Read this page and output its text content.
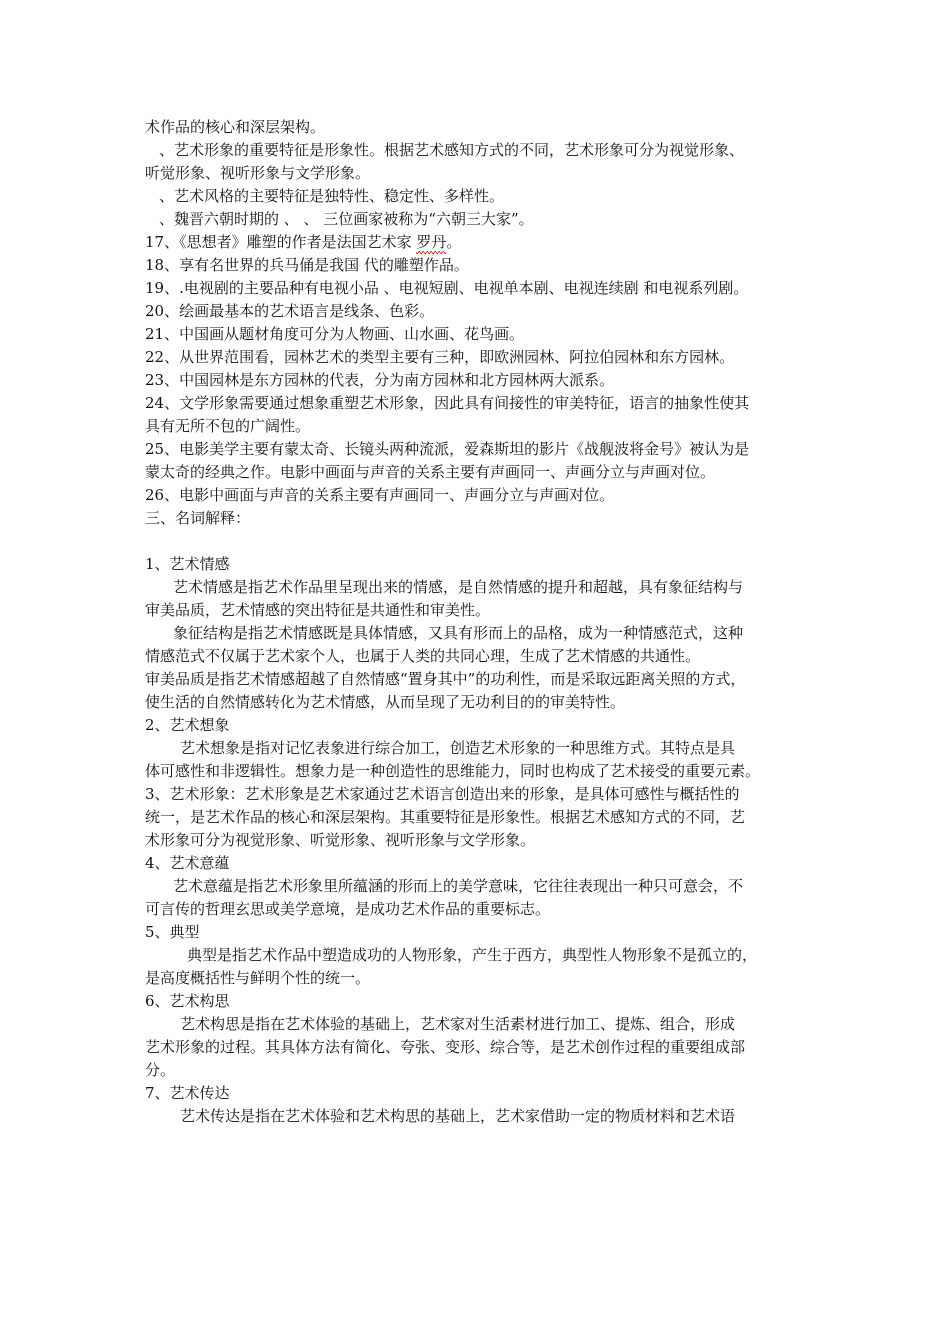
术作品的核心和深层架构。
、艺术形象的重要特征是形象性。根据艺术感知方式的不同，艺术形象可分为视觉形象、
听觉形象、视听形象与文学形象。
、艺术风格的主要特征是独特性、稳定性、多样性。
、魏晋六朝时期的 、 、 三位画家被称为“六朝三大家”。
17、《思想者》雕塑的作者是法国艺术家 罗丹。
18、享有名世界的兵马俑是我国 代的雕塑作品。
19、.电视剧的主要品种有电视小品 、电视短剧、电视单本剧、电视连续剧 和电视系列剧。
20、绘画最基本的艺术语言是线条、色彩。
21、中国画从题材角度可分为人物画、山水画、花鸟画。
22、从世界范围看，园林艺术的类型主要有三种，即欧洲园林、阿拉伯园林和东方园林。
23、中国园林是东方园林的代表，分为南方园林和北方园林两大派系。
24、文学形象需要通过想象重塑艺术形象，因此具有间接性的审美特征，语言的抽象性使其
具有无所不包的广阔性。
25、电影美学主要有蒙太奇、长镜头两种流派，爱森斯坦的影片《战舰波将金号》被认为是
蒙太奇的经典之作。电影中画面与声音的关系主要有声画同一、声画分立与声画对位。
26、电影中画面与声音的关系主要有声画同一、声画分立与声画对位。
三、名词解释：
1、艺术情感
艺术情感是指艺术作品里呈现出来的情感，是自然情感的提升和超越，具有象征结构与
审美品质，艺术情感的突出特征是共通性和审美性。
象征结构是指艺术情感既是具体情感，又具有形而上的品格，成为一种情感范式，这种
情感范式不仅属于艺术家个人，也属于人类的共同心理，生成了艺术情感的共通性。
审美品质是指艺术情感超越了自然情感“置身其中”的功利性，而是采取远距离关照的方式，
使生活的自然情感转化为艺术情感，从而呈现了无功利目的的审美特性。
2、艺术想象
艺术想象是指对记忆表象进行综合加工，创造艺术形象的一种思维方式。其特点是具
体可感性和非逻辑性。想象力是一种创造性的思维能力，同时也构成了艺术接受的重要元素。
3、艺术形象：艺术形象是艺术家通过艺术语言创造出来的形象，是具体可感性与概括性的
统一，是艺术作品的核心和深层架构。其重要特征是形象性。根据艺术感知方式的不同，艺
术形象可分为视觉形象、听觉形象、视听形象与文学形象。
4、艺术意蕴
艺术意蕴是指艺术形象里所蕴涵的形而上的美学意味，它往往表现出一种只可意会，不
可言传的哲理玄思或美学意境，是成功艺术作品的重要标志。
5、典型
典型是指艺术作品中塑造成功的人物形象，产生于西方，典型性人物形象不是孤立的，
是高度概括性与鲜明个性的统一。
6、艺术构思
艺术构思是指在艺术体验的基础上，艺术家对生活素材进行加工、提炼、组合，形成
艺术形象的过程。其具体方法有简化、夸张、变形、综合等，是艺术创作过程的重要组成部
分。
7、艺术传达
艺术传达是指在艺术体验和艺术构思的基础上，艺术家借助一定的物质材料和艺术语
